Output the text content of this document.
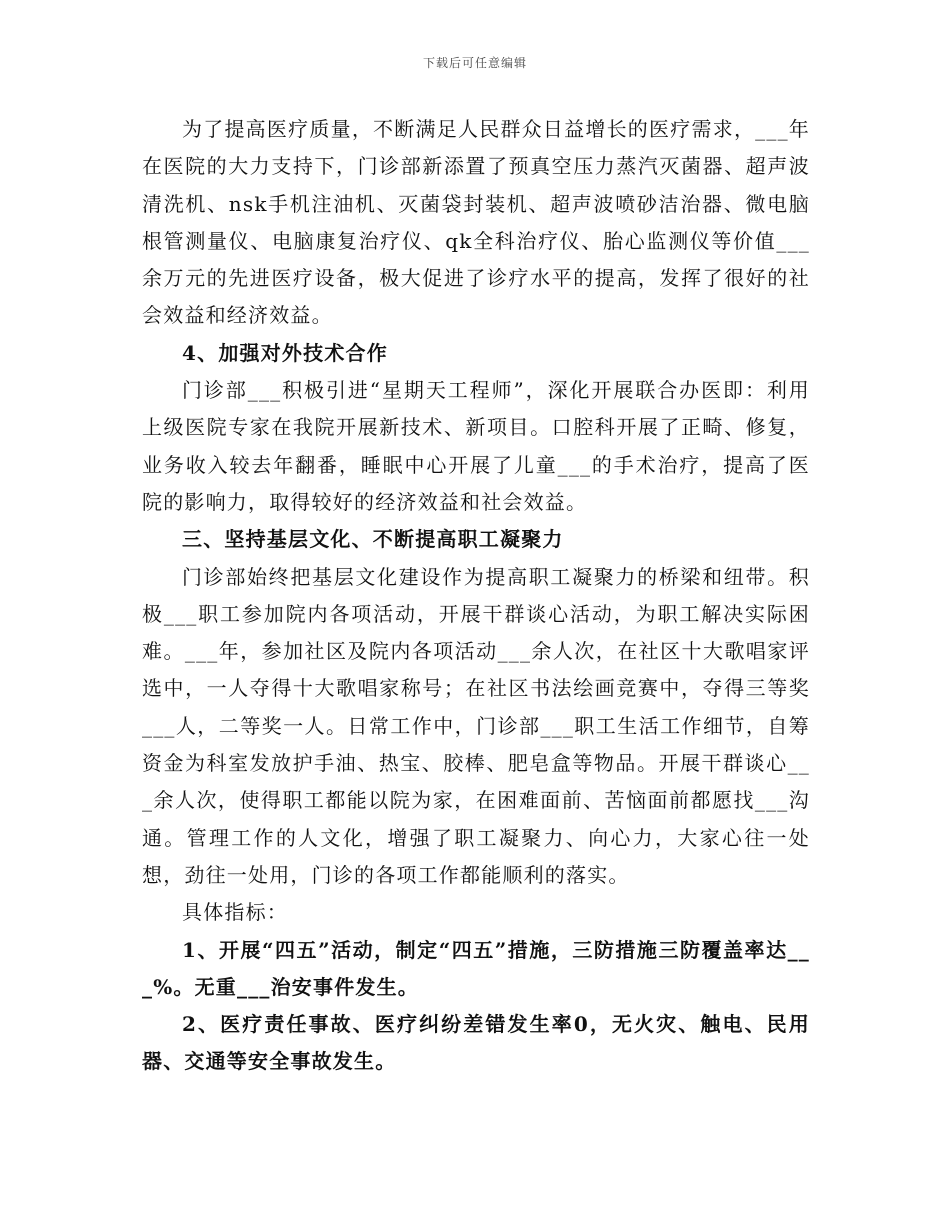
下载后可任意编辑

为了提高医疗质量，不断满足人民群众日益增长的医疗需求，___年在医院的大力支持下，门诊部新添置了预真空压力蒸汽灭菌器、超声波清洗机、nsk手机注油机、灭菌袋封装机、超声波喷砂洁治器、微电脑根管测量仪、电脑康复治疗仪、qk全科治疗仪、胎心监测仪等价值___余万元的先进医疗设备，极大促进了诊疗水平的提高，发挥了很好的社会效益和经济效益。

4、加强对外技术合作

门诊部___积极引进“星期天工程师”，深化开展联合办医即：利用上级医院专家在我院开展新技术、新项目。口腔科开展了正畸、修复，业务收入较去年翻番，睡眠中心开展了儿童___的手术治疗，提高了医院的影响力，取得较好的经济效益和社会效益。

三、坚持基层文化、不断提高职工凝聚力

门诊部始终把基层文化建设作为提高职工凝聚力的桥梁和纽带。积极___职工参加院内各项活动，开展干群谈心活动，为职工解决实际困难。___年，参加社区及院内各项活动___余人次，在社区十大歌唱家评选中，一人夺得十大歌唱家称号；在社区书法绘画竞赛中，夺得三等奖___人，二等奖一人。日常工作中，门诊部___职工生活工作细节，自筹资金为科室发放护手油、热宝、胶棒、肥皂盒等物品。开展干群谈心___余人次，使得职工都能以院为家，在困难面前、苦恼面前都愿找___沟通。管理工作的人文化，增强了职工凝聚力、向心力，大家心往一处想，劲往一处用，门诊的各项工作都能顺利的落实。

具体指标：

1、开展“四五”活动，制定“四五”措施，三防措施三防覆盖率达___%。无重___治安事件发生。

2、医疗责任事故、医疗纠纷差错发生率0，无火灾、触电、民用器、交通等安全事故发生。
